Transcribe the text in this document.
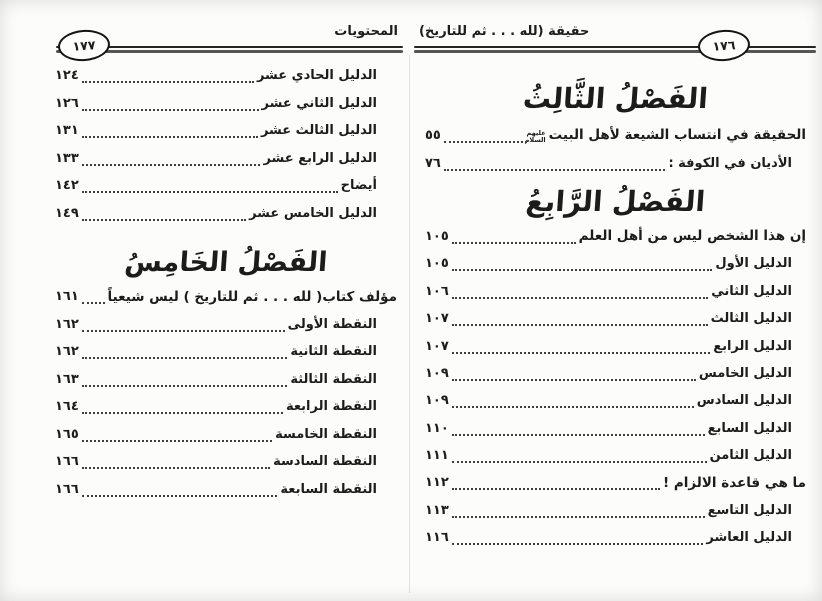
حقيقة (لله . . . ثم للتاريخ)
١٧٦
الفَصْلُ الثَّالِثُ
الحقيقة في انتساب الشيعة لأهل البيتعليهم السلام
٥٥
الأديان في الكوفة :
٧٦
الفَصْلُ الرَّابِعُ
إن هذا الشخص ليس من أهل العلم
١٠٥
الدليل الأول
١٠٥
الدليل الثاني
١٠٦
الدليل الثالث
١٠٧
الدليل الرابع
١٠٧
الدليل الخامس
١٠٩
الدليل السادس
١٠٩
الدليل السابع
١١٠
الدليل الثامن
١١١
ما هي قاعدة الالزام !
١١٢
الدليل التاسع
١١٣
الدليل العاشر
١١٦
المحتويات
١٧٧
الدليل الحادي عشر
١٢٤
الدليل الثاني عشر
١٢٦
الدليل الثالث عشر
١٣١
الدليل الرابع عشر
١٣٣
أيضاح
١٤٢
الدليل الخامس عشر
١٤٩
الفَصْلُ الخَامِسُ
مؤلف كتاب( لله . . . ثم للتاريخ ) ليس شيعياً
١٦١
النقطة الأولى
١٦٢
النقطة الثانية
١٦٢
النقطة الثالثة
١٦٣
النقطة الرابعة
١٦٤
النقطة الخامسة
١٦٥
النقطة السادسة
١٦٦
النقطة السابعة
١٦٦
